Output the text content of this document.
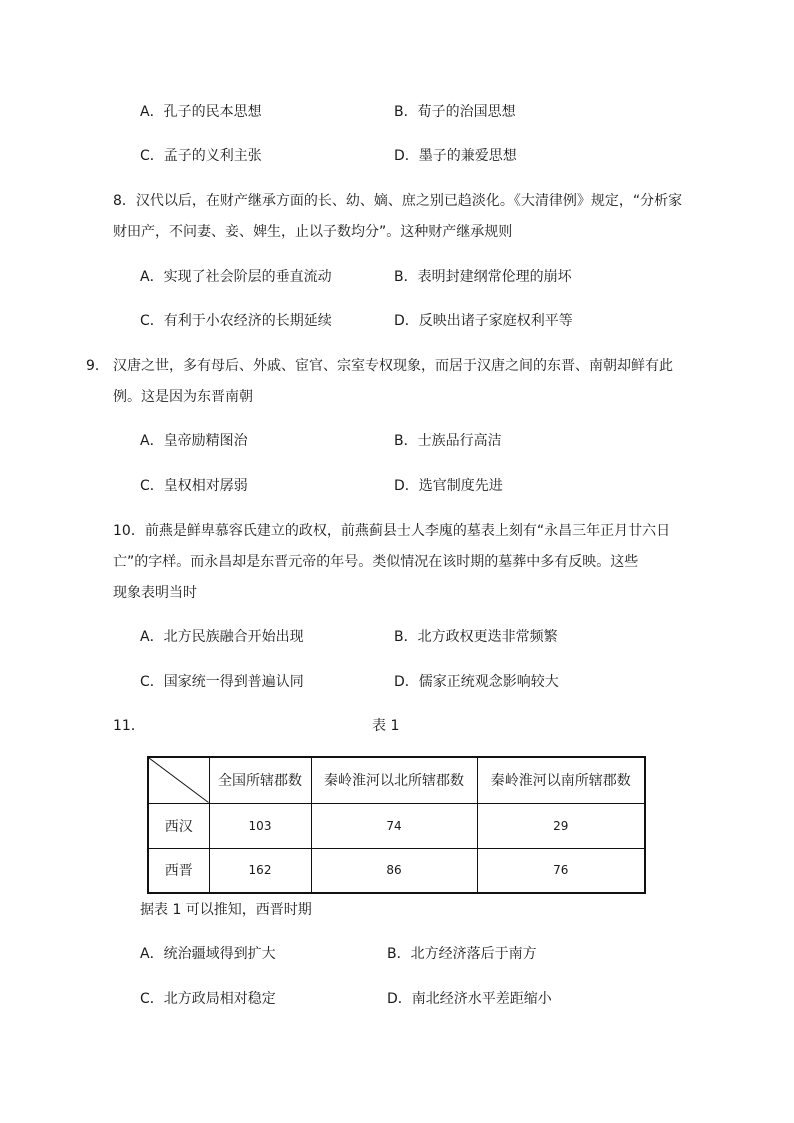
A．孔子的民本思想	B．荀子的治国思想
C．孟子的义利主张	D．墨子的兼爱思想
8．汉代以后，在财产继承方面的长、幼、嫡、庶之别已趋淡化。《大清律例》规定，“分析家
财田产，不问妻、妾、婢生，止以子数均分”。这种财产继承规则
A．实现了社会阶层的垂直流动	B．表明封建纲常伦理的崩坏
C．有利于小农经济的长期延续	D．反映出诸子家庭权利平等
9． 汉唐之世，多有母后、外戚、宦官、宗室专权现象，而居于汉唐之间的东晋、南朝却鲜有此
例。这是因为东晋南朝
A．皇帝励精图治	B．士族品行高洁
C．皇权相对孱弱	D．选官制度先进
10．前燕是鲜卑慕容氏建立的政权，前燕蓟县士人李廆的墓表上刻有“永昌三年正月廿六日
亡”的字样。而永昌却是东晋元帝的年号。类似情况在该时期的墓葬中多有反映。这些
现象表明当时
A．北方民族融合开始出现	B．北方政权更迭非常频繁
C．国家统一得到普遍认同	D．儒家正统观念影响较大
11．	表 1
	全国所辖郡数	秦岭淮河以北所辖郡数	秦岭淮河以南所辖郡数
西汉	103	74	29
西晋	162	86	76
据表 1 可以推知，西晋时期
A．统治疆域得到扩大	B．北方经济落后于南方
C．北方政局相对稳定	D．南北经济水平差距缩小
